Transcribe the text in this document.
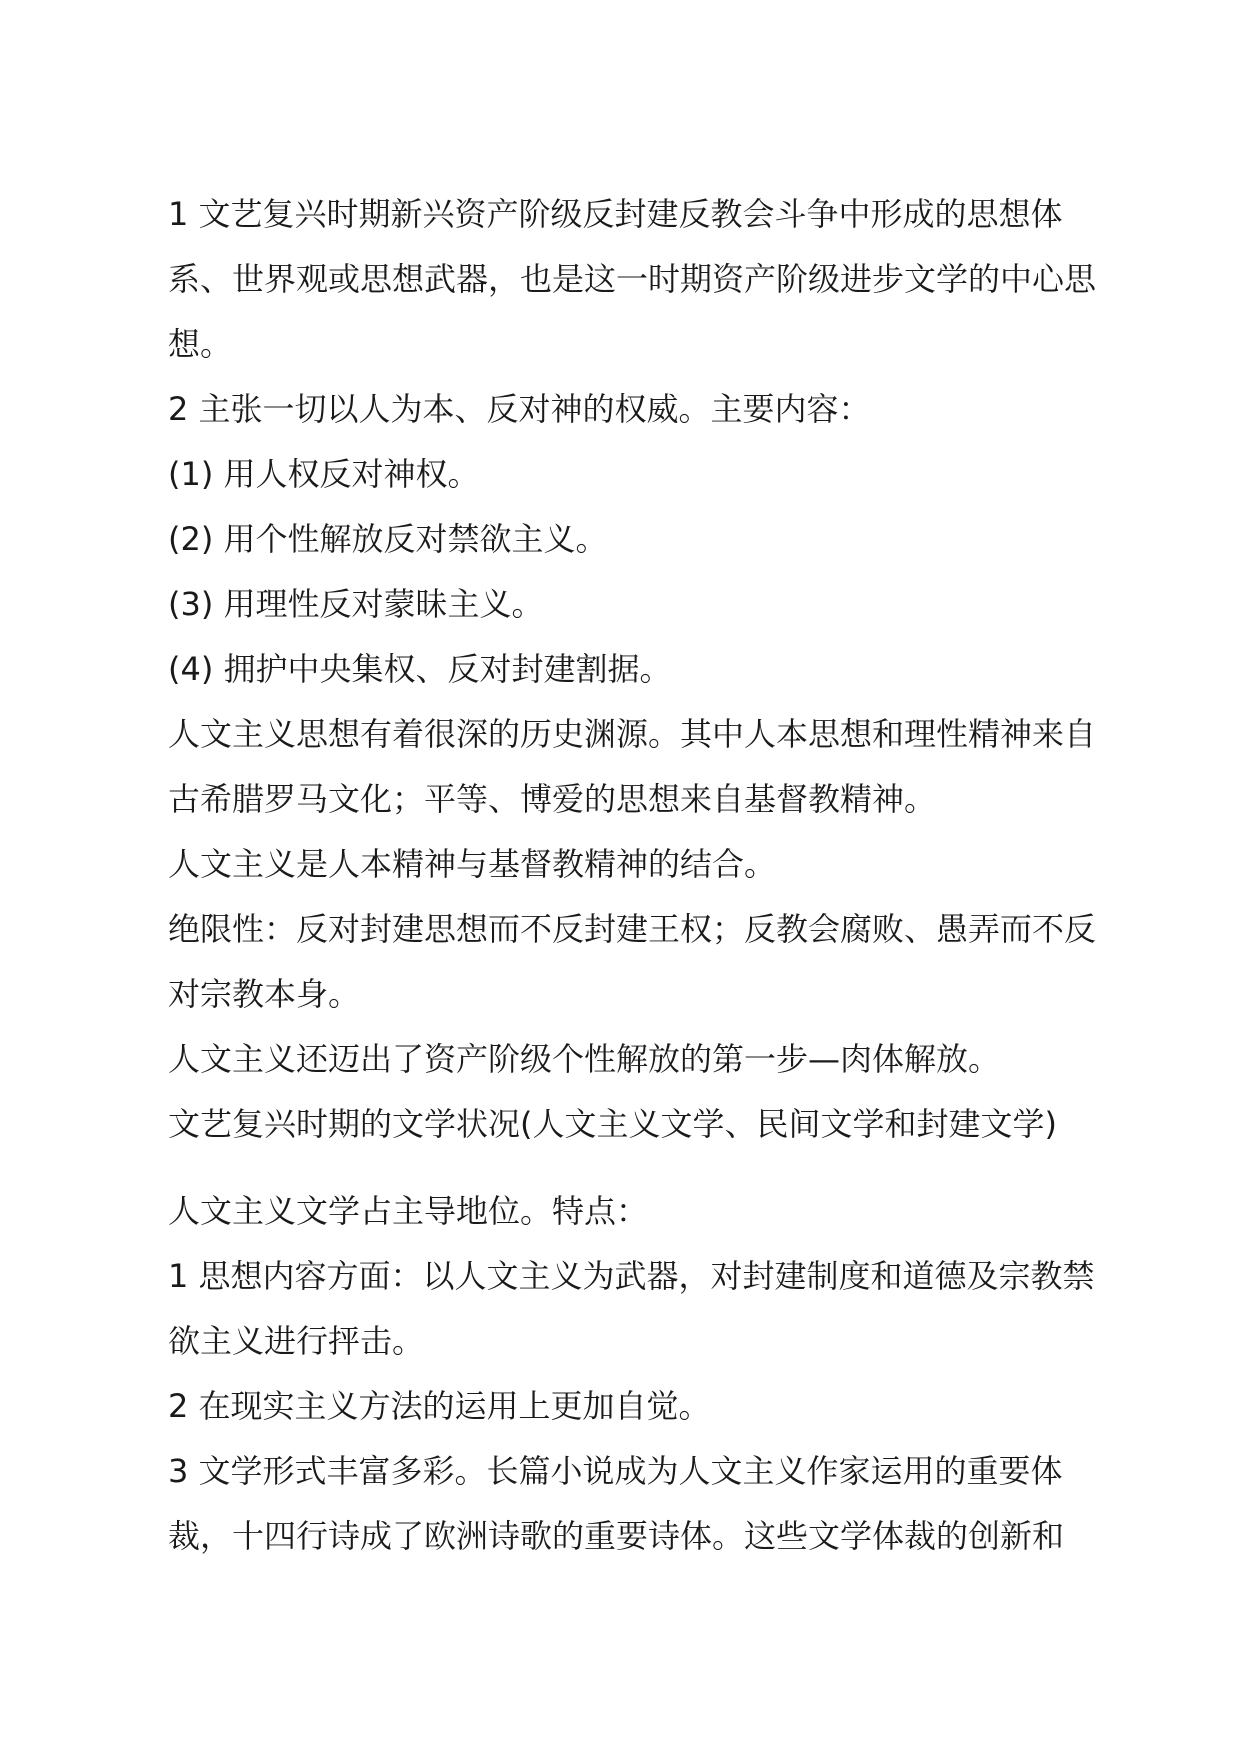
1 文艺复兴时期新兴资产阶级反封建反教会斗争中形成的思想体系、世界观或思想武器，也是这一时期资产阶级进步文学的中心思想。

2 主张一切以人为本、反对神的权威。主要内容：

(1) 用人权反对神权。

(2) 用个性解放反对禁欲主义。

(3) 用理性反对蒙昧主义。

(4) 拥护中央集权、反对封建割据。

人文主义思想有着很深的历史渊源。其中人本思想和理性精神来自古希腊罗马文化；平等、博爱的思想来自基督教精神。

人文主义是人本精神与基督教精神的结合。

绝限性：反对封建思想而不反封建王权；反教会腐败、愚弄而不反对宗教本身。

人文主义还迈出了资产阶级个性解放的第一步—肉体解放。

文艺复兴时期的文学状况(人文主义文学、民间文学和封建文学)

人文主义文学占主导地位。特点：

1 思想内容方面：以人文主义为武器，对封建制度和道德及宗教禁欲主义进行抨击。

2 在现实主义方法的运用上更加自觉。

3 文学形式丰富多彩。长篇小说成为人文主义作家运用的重要体裁，十四行诗成了欧洲诗歌的重要诗体。这些文学体裁的创新和
